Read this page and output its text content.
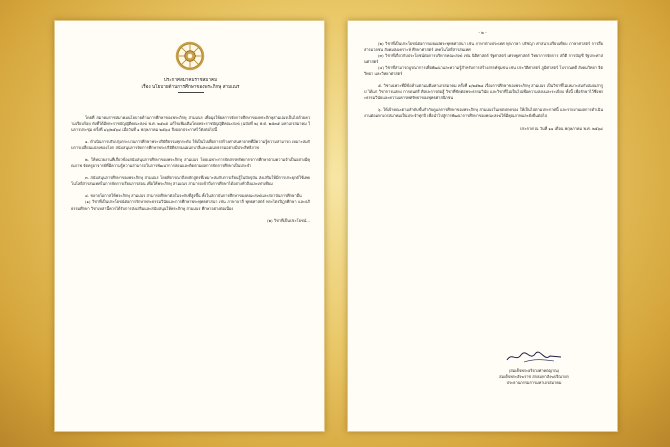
ประกาศสมาคมราชสมาคม
เรื่อง นโยบายด้านการศึกษาของพระภิกษุ สามเณร

โดยที่ สมาคมราชสมาคมนโยบายด้านการศึกษาของพระภิกษุ สามเณร เพื่อมุ่งให้ผลการจัดการศึกษาของพระภิกษุสามเณรเป็นไปด้วยความเรียบร้อย ดังที่ได้มีพระราชบัญญัติคณะสงฆ์ พ.ศ. ๒๕๐๕ แก้ไขเพิ่มเติมโดยพระราชบัญญัติคณะสงฆ์ (ฉบับที่ ๒) พ.ศ. ๒๕๓๕ มหาเถรสมาคม ในการประชุม ครั้งที่ ๑๖/๒๕๖๔ เมื่อวันที่ ๑ พฤษภาคม ๒๕๖๔ จึงออกประกาศไว้ดังต่อไปนี้

๑. ดำเนินการปรับปรุงกระบวนการศึกษาพระปริยัติธรรมทุกระดับ ให้เป็นไปเพื่อการสร้างศาสนทายาทที่มีความรู้ความสามารถ เหมาะสมกับการเปลี่ยนแปลงของโลก สนับสนุนการจัดการศึกษาพระปริยัติธรรมแผนกบาลีและแผนกธรรมอย่างมีประสิทธิภาพ

๒. ให้หน่วยงานที่เกี่ยวข้องสนับสนุนการศึกษาของพระภิกษุ สามเณร โดยเฉพาะการจัดสรรทรัพยากรการศึกษาตามความจำเป็นอย่างมีคุณภาพ จัดครูอาจารย์ที่มีความรู้ความสามารถในการพัฒนาการสอนและติดตามผลการจัดการศึกษาเป็นประจำ

๓. สนับสนุนการศึกษาของพระภิกษุ สามเณร โดยพิจารณาถึงหลักสูตรที่เหมาะสมกับการเรียนรู้ในปัจจุบัน ส่งเสริมให้มีการประยุกต์ใช้เทคโนโลยีสารสนเทศในการจัดการเรียนการสอน เพื่อให้พระภิกษุ สามเณร สามารถเข้าถึงการศึกษาได้อย่างทั่วถึงและเท่าเทียม

๔. ขยายโอกาสให้พระภิกษุ สามเณร สามารถศึกษาต่อในระดับที่สูงขึ้น ทั้งในสถาบันการศึกษาของคณะสงฆ์และสถาบันการศึกษาอื่น

(๑) วิชาที่เป็นประโยชน์ต่อการรักษาพระธรรมวินัยและการศึกษาพระพุทธศาสนา เช่น ภาษาบาลี พุทธศาสตร์ พระไตรปิฎกศึกษา และอภิธรรมศึกษา วิชาเหล่านี้ควรได้รับการส่งเสริมและสนับสนุนให้พระภิกษุ สามเณร ศึกษาอย่างต่อเนื่อง

(๒) วิชาที่เป็นประโยชน์...

- ๒ -

(๒) วิชาที่เป็นประโยชน์ต่อการเผยแผ่พระพุทธศาสนา เช่น ภาษาต่างประเทศ ทุกภาษา ปรัชญา ศาสนาเปรียบเทียบ ภาษาศาสตร์ การสื่อสารมวลชน สังคมสงเคราะห์ ศึกษาศาสตร์ เทคโนโลยีสารสนเทศ

(๓) วิชาที่เกี่ยวกับประโยชน์ต่อการบริหารคณะสงฆ์ เช่น นิติศาสตร์ รัฐศาสตร์ เศรษฐศาสตร์ วิทยาการจัดการ สถิติ การบัญชี รัฐประศาสนศาสตร์

(๔) วิชาที่สามารถบูรณาการเพื่อพัฒนาและความรู้สำหรับการสร้างสรรค์ชุมชน เช่น ประวัติศาสตร์ ภูมิศาสตร์ โบราณคดี สังคมวิทยา จิตวิทยา และวิทยาศาสตร์

๕. วิชาเฉพาะที่มีข้อห้ามตามมติมหาเถรสมาคม ครั้งที่ ๑/๒๕๒๘ เรื่องการศึกษาของพระภิกษุ สามเณร เป็นวิชาที่ไม่เหมาะสมกับสมณสารูป ได้แก่ วิชาการแสดง การดนตรี ศิลปะการต่อสู้ วิชาที่ขัดต่อพระธรรมวินัย และวิชาที่ไม่เป็นไปเพื่อความสงบและระเบียบ ทั้งนี้ เพื่อรักษาไว้ซึ่งพระธรรมวินัยและความเคารพศรัทธาของพุทธศาสนิกชน

๖. ให้เจ้าคณะตามลำดับชั้นกำกับดูแลการศึกษาของพระภิกษุ สามเณรในเขตปกครอง ให้เป็นไปตามประกาศนี้ และรายงานผลการดำเนินงานต่อมหาเถรสมาคมเป็นประจำทุกปี เพื่อนำไปสู่การพัฒนาการศึกษาของคณะสงฆ์ให้มีคุณภาพและยั่งยืนต่อไป

ประกาศ ณ วันที่ ๑๑ เดือน พฤษภาคม พ.ศ. ๒๕๖๔

(สมเด็จพระอริยวงศาคตญาณ)
สมเด็จพระสังฆราช สกลมหาสังฆปริณายก
ประธานกรรมการมหาเถรสมาคม
